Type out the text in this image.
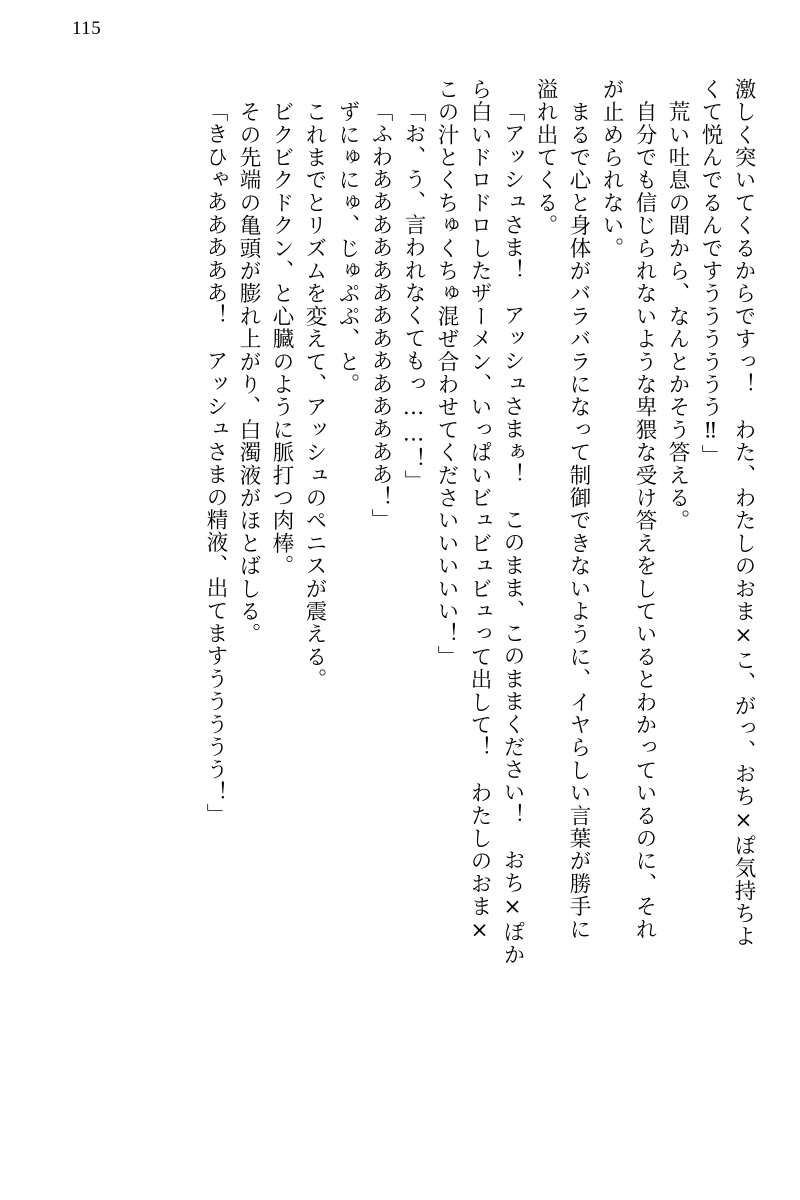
115
激しく突いてくるからですっ！　わた、わたしのおま×こ、がっ、おち×ぽ気持ちよ
くて悦んでるんですうううううう‼」
　荒い吐息の間から、なんとかそう答える。
　自分でも信じられないような卑猥な受け答えをしているとわかっているのに、それ
が止められない。
　まるで心と身体がバラバラになって制御できないように、イヤらしい言葉が勝手に
溢れ出てくる。
「アッシュさま！　アッシュさまぁ！　このまま、このままください！　おち×ぽか
ら白いドロドロしたザーメン、いっぱいビュビュビュって出して！　わたしのおま×
この汁とくちゅくちゅ混ぜ合わせてくださいいいいい！」
「お、う、言われなくてもっ……！」
「ふわああああああああああああああ！」
　ずにゅにゅ、じゅぷぷ、と。
　これまでとリズムを変えて、アッシュのペニスが震える。
　ビクビクドクン、と心臓のように脈打つ肉棒。
　その先端の亀頭が膨れ上がり、白濁液がほとばしる。
「きひゃあああああ！　アッシュさまの精液、出てますううううう！」
